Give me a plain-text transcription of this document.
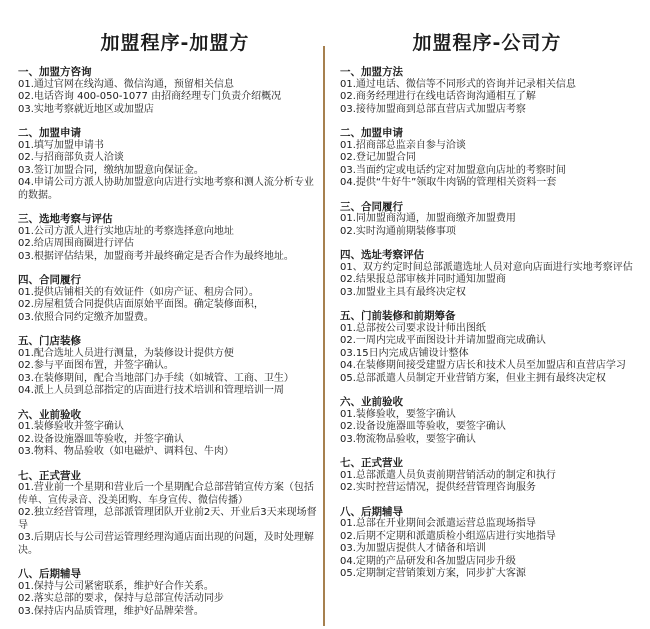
加盟程序-加盟方
一、加盟方咨询
01.通过官网在线沟通、微信沟通，预留相关信息
02.电话咨询 400-050-1077 由招商经理专门负责介绍概况
03.实地考察就近地区或加盟店
二、加盟申请
01.填写加盟申请书
02.与招商部负责人洽谈
03.签订加盟合同，缴纳加盟意向保证金。
04.申请公司方派人协助加盟意向店进行实地考察和测人流分析专业的数据。
三、选地考察与评估
01.公司方派人进行实地店址的考察选择意向地址
02.给店周围商圈进行评估
03.根据评估结果，加盟商考并最终确定是否合作为最终地址。
四、合同履行
01.提供店铺相关的有效证件（如房产证、租房合同）。
02.房屋租赁合同提供店面原始平面图。确定装修面积，
03.依照合同约定缴齐加盟费。
五、门店装修
01.配合选址人员进行测量，为装修设计提供方便
02.参与平面图布置，并签字确认。
03.在装修期间，配合当地部门办手续（如城管、工商、卫生）
04.派上人员到总部指定的店面进行技术培训和管理培训一周
六、业前验收
01.装修验收并签字确认
02.设备设施器皿等验收，并签字确认
03.物料、物品验收（如电磁炉、调料包、牛肉）
七、正式营业
01.营业前一个星期和营业后一个星期配合总部营销宣传方案（包括传单、宣传录音、没美团购、车身宣传、微信传播）
02.独立经营管理，总部派管理团队开业前2天、开业后3天来现场督导
03.后期店长与公司营运管理经理沟通店面出现的问题，及时处理解决。
八、后期辅导
01.保持与公司紧密联系，维护好合作关系。
02.落实总部的要求，保持与总部宣传活动同步
03.保持店内品质管理，维护好品牌荣誉。
加盟程序-公司方
一、加盟方法
01.通过电话、微信等不同形式的咨询并记录相关信息
02.商务经理进行在线电话咨询沟通相互了解
03.接待加盟商到总部直营店式加盟店考察
二、加盟申请
01.招商部总监亲自参与洽谈
02.登记加盟合同
03.当面约定或电话约定对加盟意向店址的考察时间
04.提供“牛好牛”领取牛肉锅的管理相关资料一套
三、合同履行
01.同加盟商沟通，加盟商缴齐加盟费用
02.实时沟通前期装修事项
四、选址考察评估
01、双方约定时间总部派遣选址人员对意向店面进行实地考察评估
02.结果报总部审核并同时通知加盟商
03.加盟业主具有最终决定权
五、门前装修和前期筹备
01.总部按公司要求设计师出图纸
02.一周内完成平面图设计并请加盟商完成确认
03.15日内完成店铺设计整体
04.在装修期间接受建盟方店长和技术人员至加盟店和直营店学习
05.总部派遣人员制定开业营销方案，但业主拥有最终决定权
六、业前验收
01.装修验收，要签字确认
02.设备设施器皿等验收，要签字确认
03.物流物品验收，要签字确认
七、正式营业
01.总部派遣人员负责前期营销活动的制定和执行
02.实时控营运情况，提供经营管理咨询服务
八、后期辅导
01.总部在开业期间会派遣运营总监现场指导
02.后期不定期和派遣质检小组巡店进行实地指导
03.为加盟店提供人才储备和培训
04.定期的产品研发和各加盟店同步升级
05.定期制定营销策划方案，同步扩大客源
